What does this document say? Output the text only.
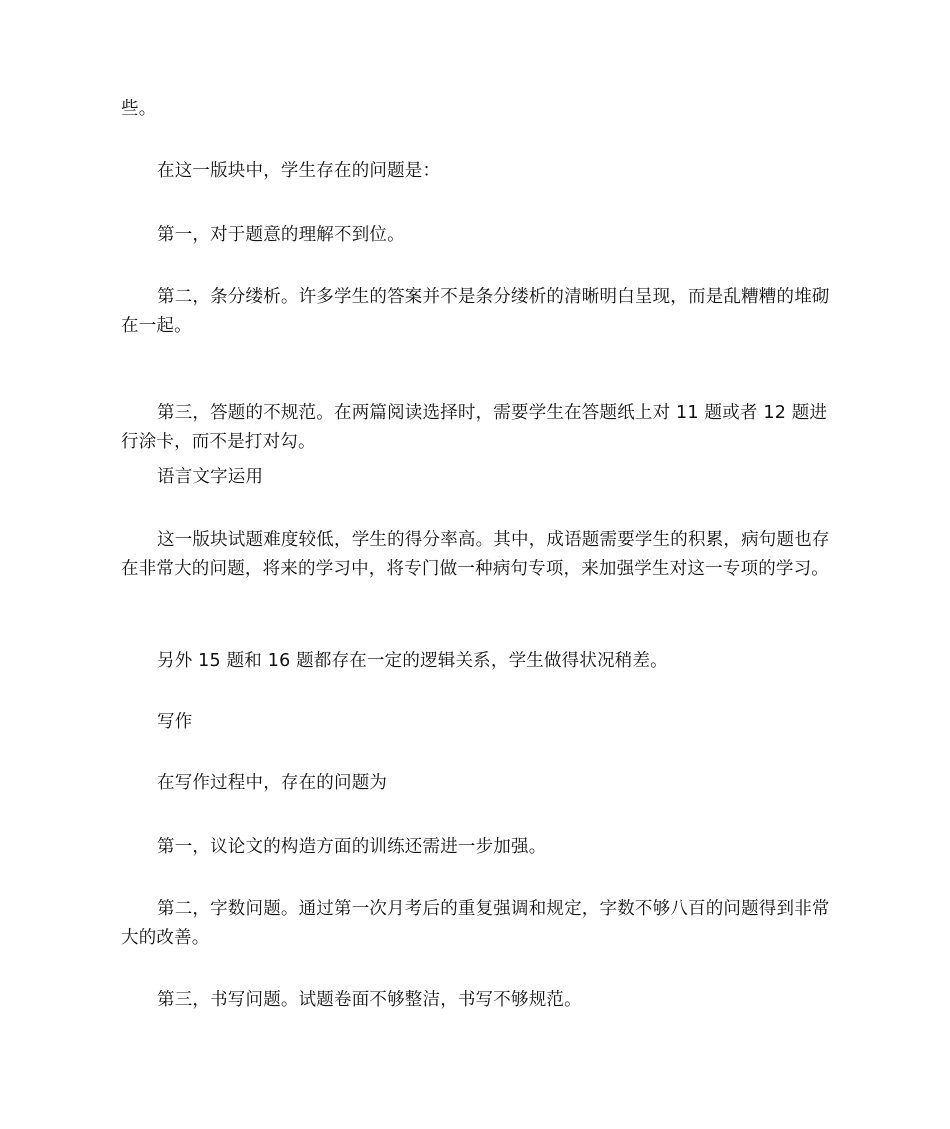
些。

在这一版块中，学生存在的问题是：

第一，对于题意的理解不到位。

第二，条分缕析。许多学生的答案并不是条分缕析的清晰明白呈现，而是乱糟糟的堆砌在一起。

第三，答题的不规范。在两篇阅读选择时，需要学生在答题纸上对 11 题或者 12 题进行涂卡，而不是打对勾。

语言文字运用

这一版块试题难度较低，学生的得分率高。其中，成语题需要学生的积累，病句题也存在非常大的问题，将来的学习中，将专门做一种病句专项，来加强学生对这一专项的学习。

另外 15 题和 16 题都存在一定的逻辑关系，学生做得状况稍差。

写作

在写作过程中，存在的问题为

第一，议论文的构造方面的训练还需进一步加强。

第二，字数问题。通过第一次月考后的重复强调和规定，字数不够八百的问题得到非常大的改善。

第三，书写问题。试题卷面不够整洁，书写不够规范。
